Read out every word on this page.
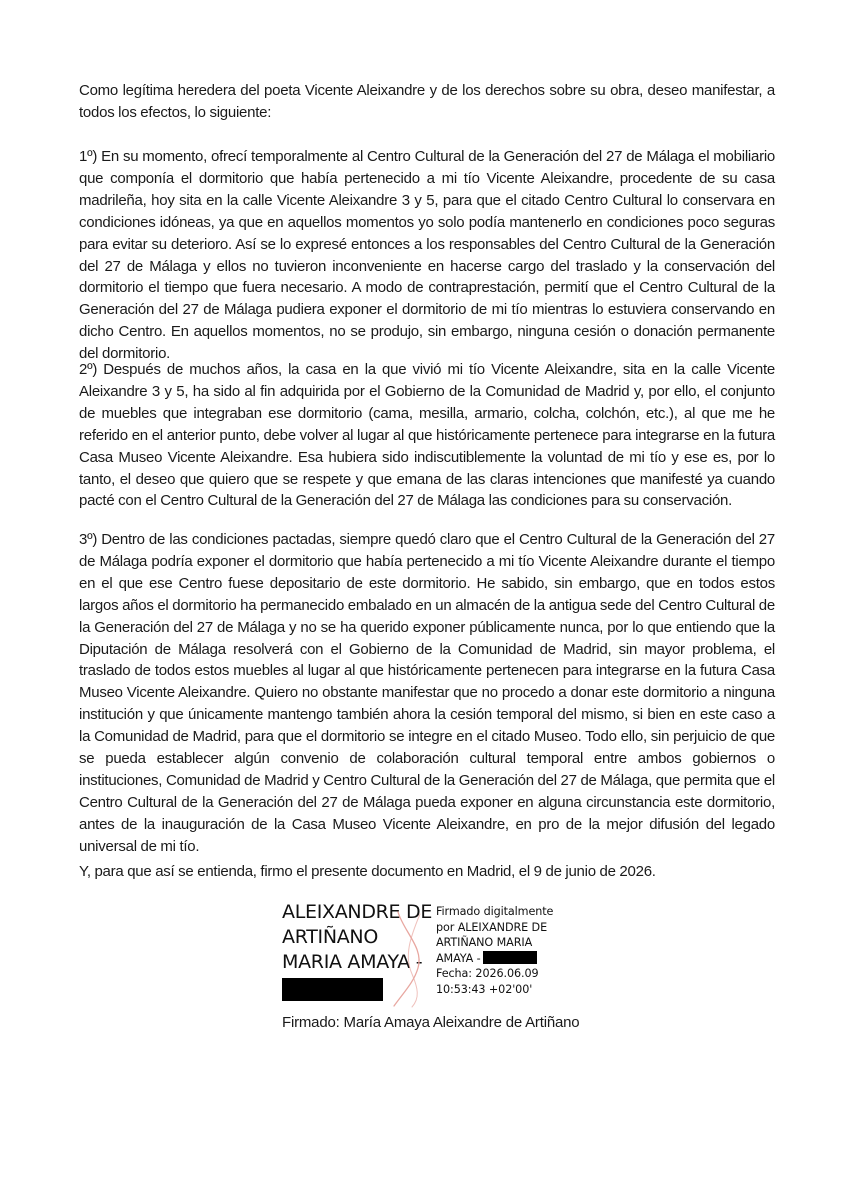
Como legítima heredera del poeta Vicente Aleixandre y de los derechos sobre su obra, deseo manifestar, a todos los efectos, lo siguiente:

1º) En su momento, ofrecí temporalmente al Centro Cultural de la Generación del 27 de Málaga el mobiliario que componía el dormitorio que había pertenecido a mi tío Vicente Aleixandre, procedente de su casa madrileña, hoy sita en la calle Vicente Aleixandre 3 y 5, para que el citado Centro Cultural lo conservara en condiciones idóneas, ya que en aquellos momentos yo solo podía mantenerlo en condiciones poco seguras para evitar su deterioro. Así se lo expresé entonces a los responsables del Centro Cultural de la Generación del 27 de Málaga y ellos no tuvieron inconveniente en hacerse cargo del traslado y la conservación del dormitorio el tiempo que fuera necesario. A modo de contraprestación, permití que el Centro Cultural de la Generación del 27 de Málaga pudiera exponer el dormitorio de mi tío mientras lo estuviera conservando en dicho Centro. En aquellos momentos, no se produjo, sin embargo, ninguna cesión o donación permanente del dormitorio.

2º) Después de muchos años, la casa en la que vivió mi tío Vicente Aleixandre, sita en la calle Vicente Aleixandre 3 y 5, ha sido al fin adquirida por el Gobierno de la Comunidad de Madrid y, por ello, el conjunto de muebles que integraban ese dormitorio (cama, mesilla, armario, colcha, colchón, etc.), al que me he referido en el anterior punto, debe volver al lugar al que históricamente pertenece para integrarse en la futura Casa Museo Vicente Aleixandre. Esa hubiera sido indiscutiblemente la voluntad de mi tío y ese es, por lo tanto, el deseo que quiero que se respete y que emana de las claras intenciones que manifesté ya cuando pacté con el Centro Cultural de la Generación del 27 de Málaga las condiciones para su conservación.

3º) Dentro de las condiciones pactadas, siempre quedó claro que el Centro Cultural de la Generación del 27 de Málaga podría exponer el dormitorio que había pertenecido a mi tío Vicente Aleixandre durante el tiempo en el que ese Centro fuese depositario de este dormitorio. He sabido, sin embargo, que en todos estos largos años el dormitorio ha permanecido embalado en un almacén de la antigua sede del Centro Cultural de la Generación del 27 de Málaga y no se ha querido exponer públicamente nunca, por lo que entiendo que la Diputación de Málaga resolverá con el Gobierno de la Comunidad de Madrid, sin mayor problema, el traslado de todos estos muebles al lugar al que históricamente pertenecen para integrarse en la futura Casa Museo Vicente Aleixandre. Quiero no obstante manifestar que no procedo a donar este dormitorio a ninguna institución y que únicamente mantengo también ahora la cesión temporal del mismo, si bien en este caso a la Comunidad de Madrid, para que el dormitorio se integre en el citado Museo. Todo ello, sin perjuicio de que se pueda establecer algún convenio de colaboración cultural temporal entre ambos gobiernos o instituciones, Comunidad de Madrid y Centro Cultural de la Generación del 27 de Málaga, que permita que el Centro Cultural de la Generación del 27 de Málaga pueda exponer en alguna circunstancia este dormitorio, antes de la inauguración de la Casa Museo Vicente Aleixandre, en pro de la mejor difusión del legado universal de mi tío.

Y, para que así se entienda, firmo el presente documento en Madrid, el 9 de junio de 2026.

ALEIXANDRE DE
ARTIÑANO
MARIA AMAYA -
Firmado digitalmente
por ALEIXANDRE DE
ARTIÑANO MARIA
AMAYA -
Fecha: 2026.06.09
10:53:43 +02'00'

Firmado: María Amaya Aleixandre de Artiñano
